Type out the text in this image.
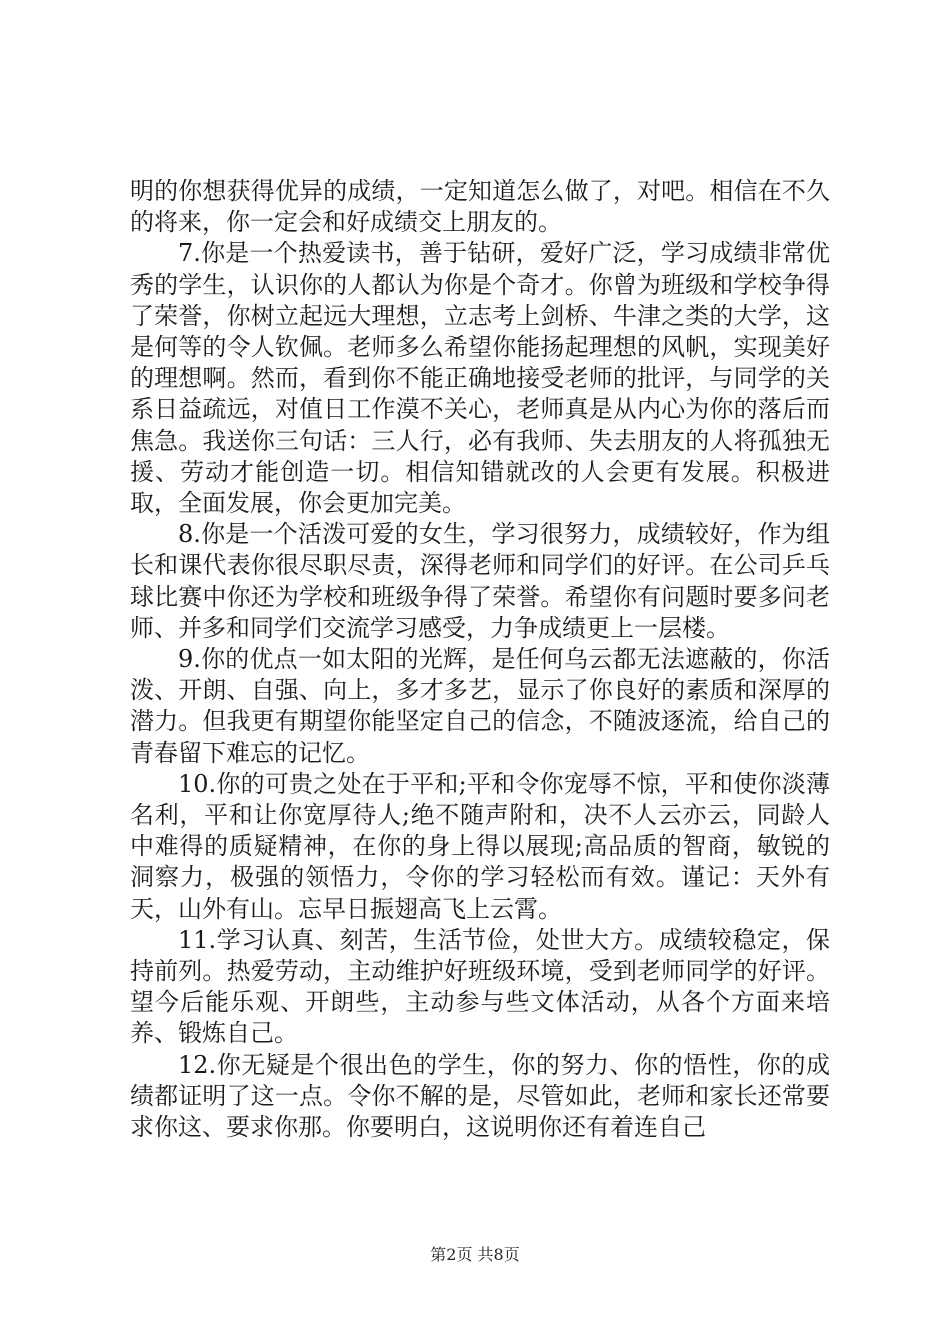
明的你想获得优异的成绩，一定知道怎么做了，对吧。相信在不久的将来，你一定会和好成绩交上朋友的。

7.你是一个热爱读书，善于钻研，爱好广泛，学习成绩非常优秀的学生，认识你的人都认为你是个奇才。你曾为班级和学校争得了荣誉，你树立起远大理想，立志考上剑桥、牛津之类的大学，这是何等的令人钦佩。老师多么希望你能扬起理想的风帆，实现美好的理想啊。然而，看到你不能正确地接受老师的批评，与同学的关系日益疏远，对值日工作漠不关心，老师真是从内心为你的落后而焦急。我送你三句话：三人行，必有我师、失去朋友的人将孤独无援、劳动才能创造一切。相信知错就改的人会更有发展。积极进取，全面发展，你会更加完美。

8.你是一个活泼可爱的女生，学习很努力，成绩较好，作为组长和课代表你很尽职尽责，深得老师和同学们的好评。在公司乒乓球比赛中你还为学校和班级争得了荣誉。希望你有问题时要多问老师、并多和同学们交流学习感受，力争成绩更上一层楼。

9.你的优点一如太阳的光辉，是任何乌云都无法遮蔽的，你活泼、开朗、自强、向上，多才多艺，显示了你良好的素质和深厚的潜力。但我更有期望你能坚定自己的信念，不随波逐流，给自己的青春留下难忘的记忆。

10.你的可贵之处在于平和;平和令你宠辱不惊，平和使你淡薄名利，平和让你宽厚待人;绝不随声附和，决不人云亦云，同龄人中难得的质疑精神，在你的身上得以展现;高品质的智商，敏锐的洞察力，极强的领悟力，令你的学习轻松而有效。谨记：天外有天，山外有山。忘早日振翅高飞上云霄。

11.学习认真、刻苦，生活节俭，处世大方。成绩较稳定，保持前列。热爱劳动，主动维护好班级环境，受到老师同学的好评。望今后能乐观、开朗些，主动参与些文体活动，从各个方面来培养、锻炼自己。

12.你无疑是个很出色的学生，你的努力、你的悟性，你的成绩都证明了这一点。令你不解的是，尽管如此，老师和家长还常要求你这、要求你那。你要明白，这说明你还有着连自己

第2页 共8页
